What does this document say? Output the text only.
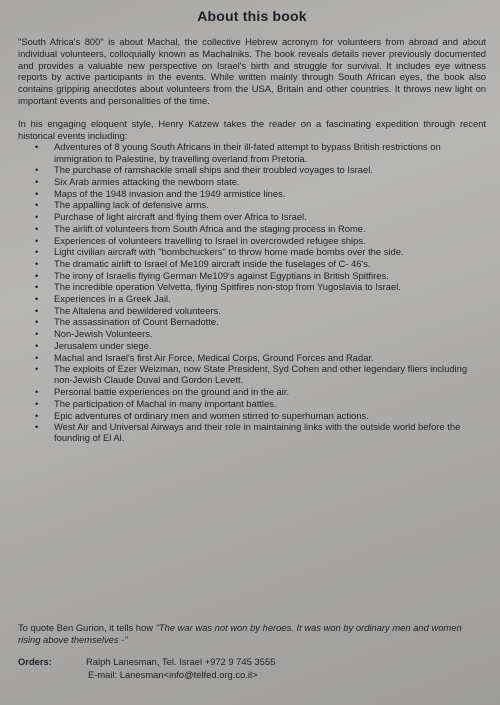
About this book

"South Africa's 800" is about Machal, the collective Hebrew acronym for volunteers from abroad and about individual volunteers, colloquially known as Machalniks. The book reveals details never previously documented and provides a valuable new perspective on Israel's birth and struggle for survival. It includes eye witness reports by active participants in the events. While written mainly through South African eyes, the book also contains gripping anecdotes about volunteers from the USA, Britain and other countries. It throws new light on important events and personalities of the time.

In his engaging eloquent style, Henry Katzew takes the reader on a fascinating expedition through recent historical events including:

• Adventures of 8 young South Africans in their ill-fated attempt to bypass British restrictions on immigration to Palestine, by travelling overland from Pretoria.
• The purchase of ramshackle small ships and their troubled voyages to Israel.
• Six Arab armies attacking the newborn state.
• Maps of the 1948 invasion and the 1949 armistice lines.
• The appalling lack of defensive arms.
• Purchase of light aircraft and flying them over Africa to Israel.
• The airlift of volunteers from South Africa and the staging process in Rome.
• Experiences of volunteers travelling to Israel in overcrowded refugee ships.
• Light civilian aircraft with "bombchuckers" to throw home made bombs over the side.
• The dramatic airlift to Israel of Me109 aircraft inside the fuselages of C- 46's.
• The irony of Israelis flying German Me109's against Egyptians in British Spitfires.
• The incredible operation Velvetta, flying Spitfires non-stop from Yugoslavia to Israel.
• Experiences in a Greek Jail.
• The Altalena and bewildered volunteers.
• The assassination of Count Bernadotte.
• Non-Jewish Volunteers.
• Jerusalem under siege.
• Machal and Israel's first Air Force, Medical Corps, Ground Forces and Radar.
• The exploits of Ezer Weizman, now State President, Syd Cohen and other legendary fliers including non-Jewish Claude Duval and Gordon Levett.
• Personal battle experiences on the ground and in the air.
• The participation of Machal in many important battles.
• Epic adventures of ordinary men and women stirred to superhuman actions.
• West Air and Universal Airways and their role in maintaining links with the outside world before the founding of El Al.
To quote Ben Gurion, it tells how "The war was not won by heroes. It was won by ordinary men and women rising above themselves -"
Orders:	Ralph Lanesman, Tel. Israel +972 9 745 3555
E-mail: Lanesman<info@telfed.org.co.il>
